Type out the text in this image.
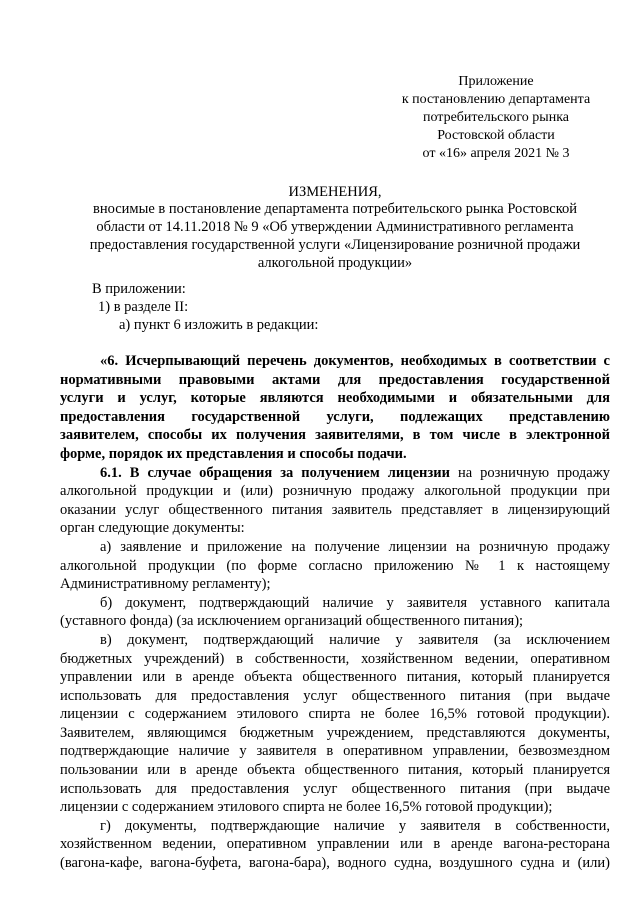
Приложение
к постановлению департамента
потребительского рынка
Ростовской области
от «16» апреля 2021 № 3
ИЗМЕНЕНИЯ,
вносимые в постановление департамента потребительского рынка Ростовской
области от 14.11.2018 № 9 «Об утверждении Административного регламента
предоставления государственной услуги «Лицензирование розничной продажи
алкогольной продукции»
В приложении:
1) в разделе II:
а) пункт 6 изложить в редакции:
«6. Исчерпывающий перечень документов, необходимых в соответствии с
нормативными правовыми актами для предоставления государственной
услуги и услуг, которые являются необходимыми и обязательными для
предоставления государственной услуги, подлежащих представлению
заявителем, способы их получения заявителями, в том числе в электронной
форме, порядок их представления и способы подачи.
6.1. В случае обращения за получением лицензии на розничную продажу
алкогольной продукции и (или) розничную продажу алкогольной продукции при
оказании услуг общественного питания заявитель представляет в лицензирующий
орган следующие документы:
а) заявление и приложение на получение лицензии на розничную продажу
алкогольной продукции (по форме согласно приложению № 1 к настоящему
Административному регламенту);
б) документ, подтверждающий наличие у заявителя уставного капитала
(уставного фонда) (за исключением организаций общественного питания);
в) документ, подтверждающий наличие у заявителя (за исключением
бюджетных учреждений) в собственности, хозяйственном ведении, оперативном
управлении или в аренде объекта общественного питания, который планируется
использовать для предоставления услуг общественного питания (при выдаче
лицензии с содержанием этилового спирта не более 16,5% готовой продукции).
Заявителем, являющимся бюджетным учреждением, представляются документы,
подтверждающие наличие у заявителя в оперативном управлении, безвозмездном
пользовании или в аренде объекта общественного питания, который планируется
использовать для предоставления услуг общественного питания (при выдаче
лицензии с содержанием этилового спирта не более 16,5% готовой продукции);
г) документы, подтверждающие наличие у заявителя в собственности,
хозяйственном ведении, оперативном управлении или в аренде вагона-ресторана
(вагона-кафе, вагона-буфета, вагона-бара), водного судна, воздушного судна и (или)
